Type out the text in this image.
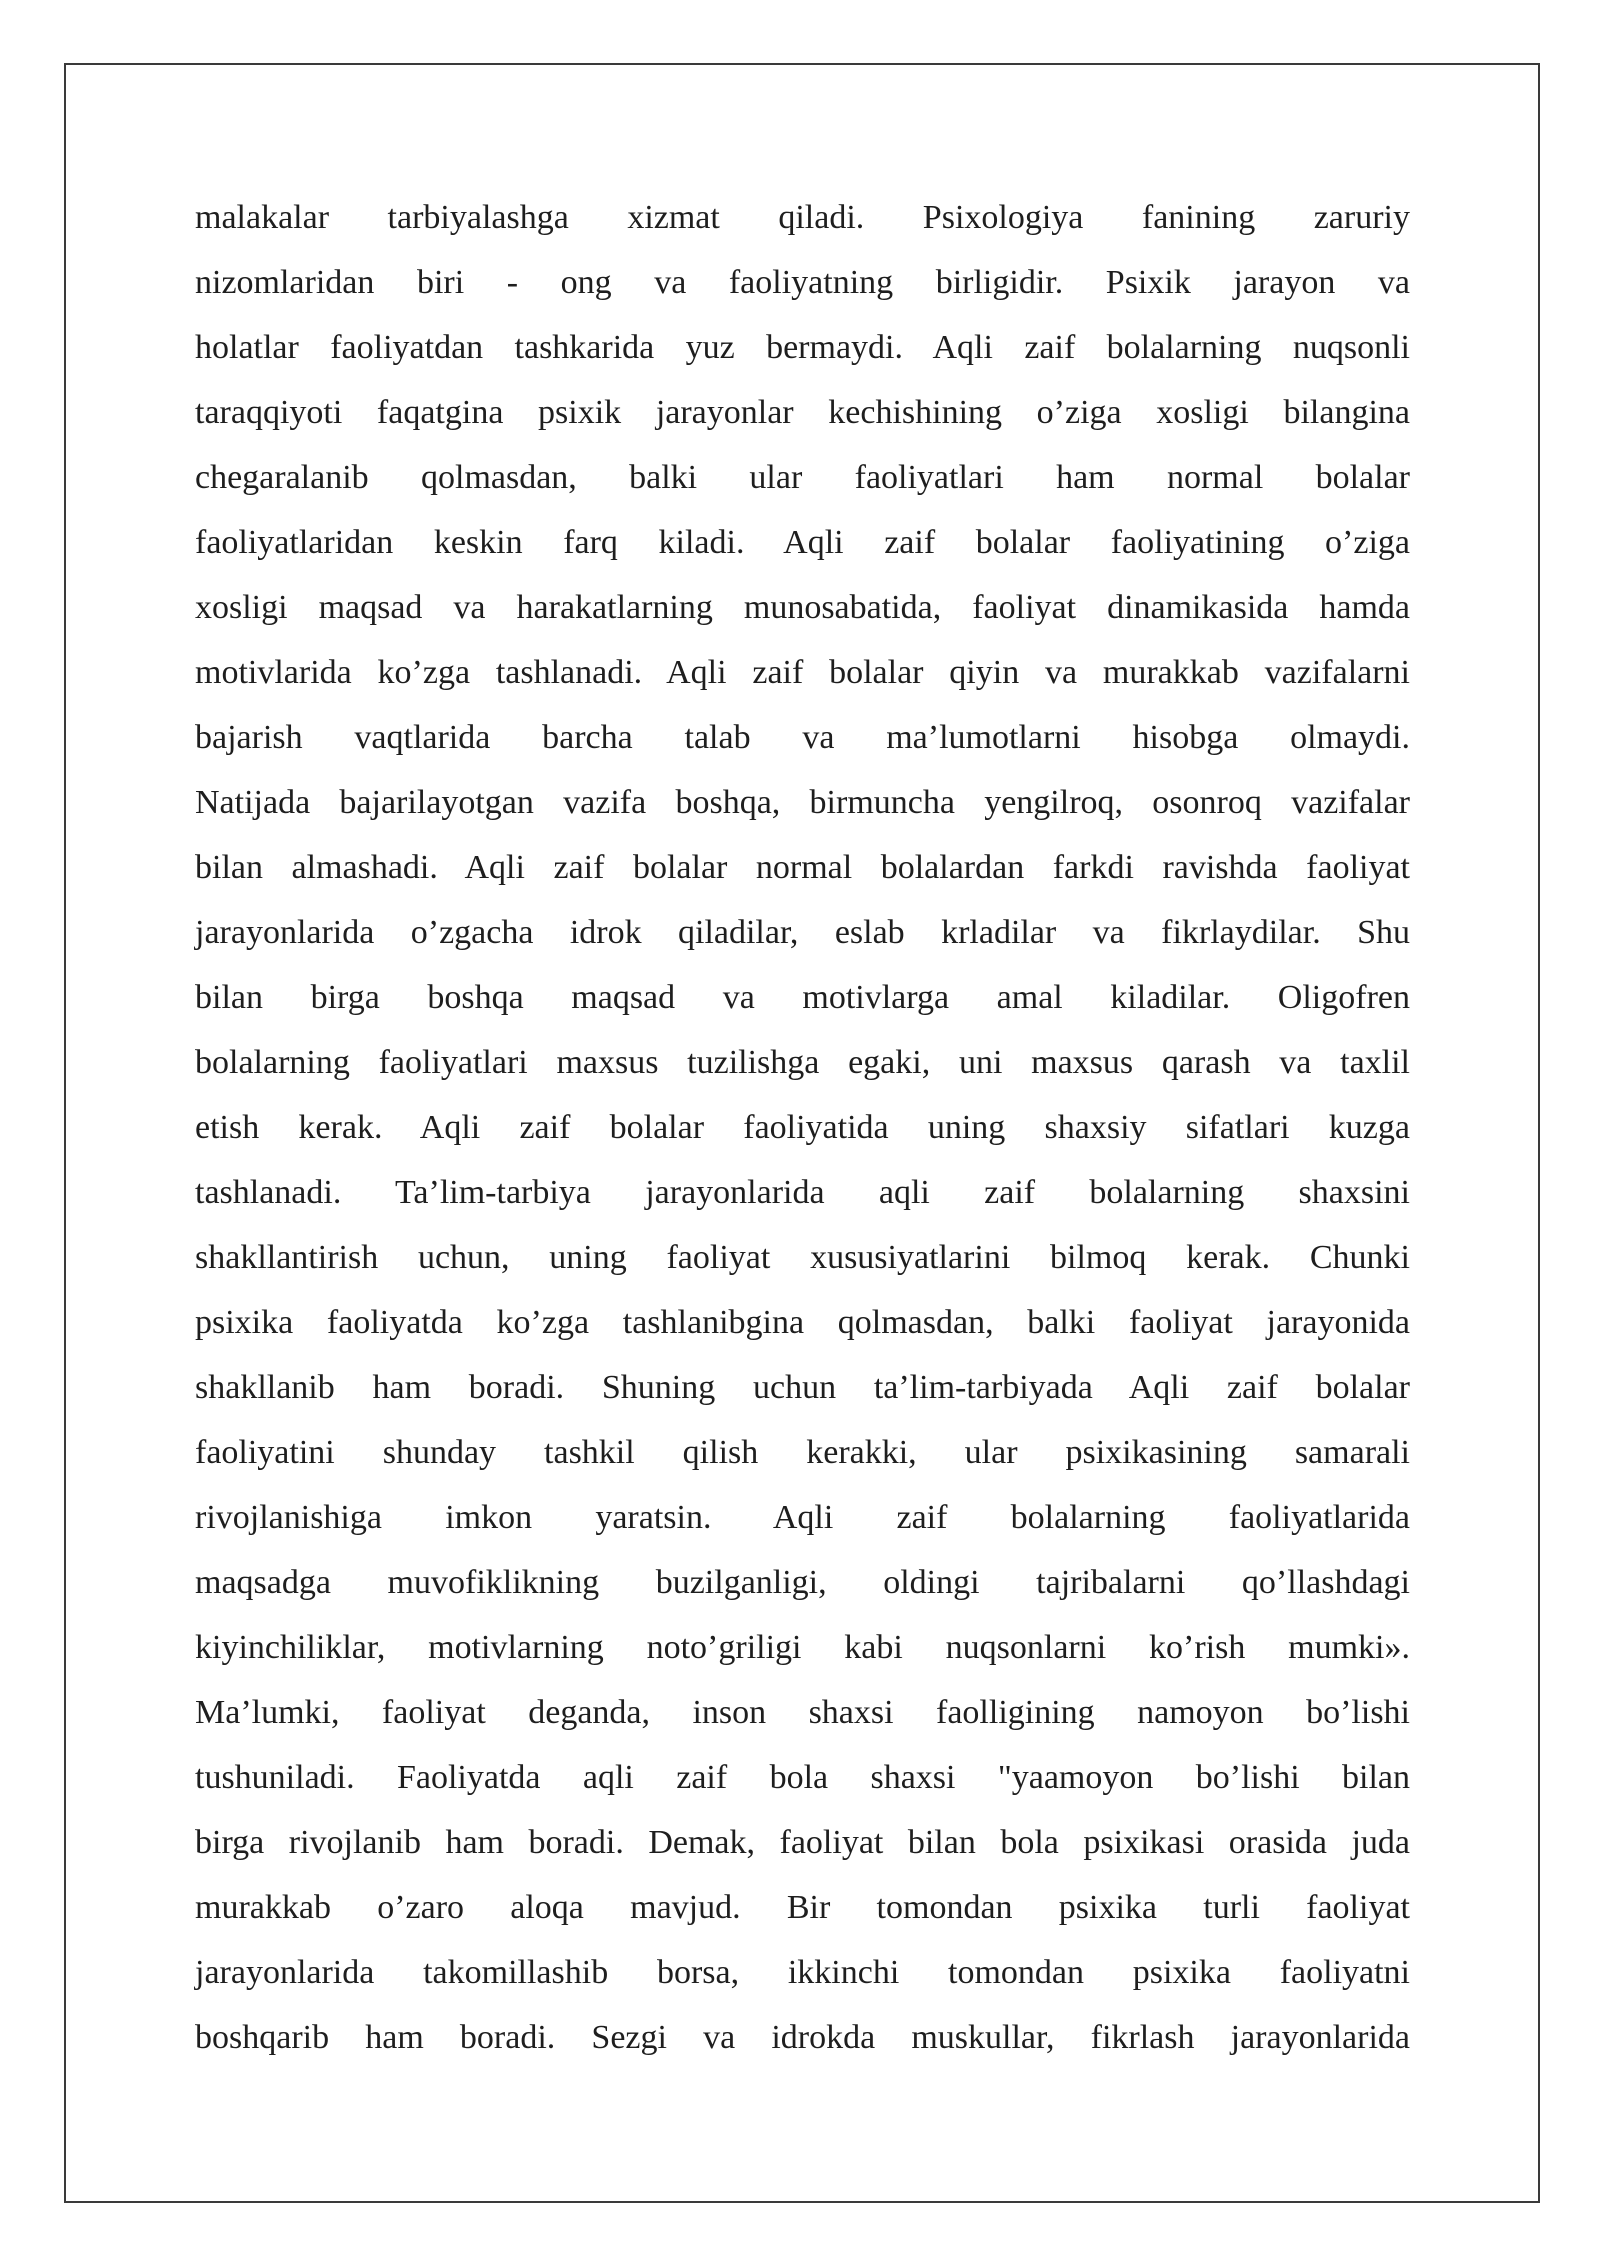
malakalar tarbiyalashga xizmat qiladi. Psixologiya fanining zaruriy
nizomlaridan biri - ong va faoliyatning birligidir. Psixik jarayon va
holatlar faoliyatdan tashkarida yuz bermaydi. Aqli zaif bolalarning nuqsonli
taraqqiyoti faqatgina psixik jarayonlar kechishining o’ziga xosligi bilangina
chegaralanib qolmasdan, balki ular faoliyatlari ham normal bolalar
faoliyatlaridan keskin farq kiladi. Aqli zaif bolalar faoliyatining o’ziga
xosligi maqsad va harakatlarning munosabatida, faoliyat dinamikasida hamda
motivlarida ko’zga tashlanadi. Aqli zaif bolalar qiyin va murakkab vazifalarni
bajarish vaqtlarida barcha talab va ma’lumotlarni hisobga olmaydi.
Natijada bajarilayotgan vazifa boshqa, birmuncha yengilroq, osonroq vazifalar
bilan almashadi. Aqli zaif bolalar normal bolalardan farkdi ravishda faoliyat
jarayonlarida o’zgacha idrok qiladilar, eslab krladilar va fikrlaydilar. Shu
bilan birga boshqa maqsad va motivlarga amal kiladilar. Oligofren
bolalarning faoliyatlari maxsus tuzilishga egaki, uni maxsus qarash va taxlil
etish kerak. Aqli zaif bolalar faoliyatida uning shaxsiy sifatlari kuzga
tashlanadi. Ta’lim-tarbiya jarayonlarida aqli zaif bolalarning shaxsini
shakllantirish uchun, uning faoliyat xususiyatlarini bilmoq kerak. Chunki
psixika faoliyatda ko’zga tashlanibgina qolmasdan, balki faoliyat jarayonida
shakllanib ham boradi. Shuning uchun ta’lim-tarbiyada Aqli zaif bolalar
faoliyatini shunday tashkil qilish kerakki, ular psixikasining samarali
rivojlanishiga imkon yaratsin. Aqli zaif bolalarning faoliyatlarida
maqsadga muvofiklikning buzilganligi, oldingi tajribalarni qo’llashdagi
kiyinchiliklar, motivlarning noto’griligi kabi nuqsonlarni ko’rish mumki».
Ma’lumki, faoliyat deganda, inson shaxsi faolligining namoyon bo’lishi
tushuniladi. Faoliyatda aqli zaif bola shaxsi "yaamoyon bo’lishi bilan
birga rivojlanib ham boradi. Demak, faoliyat bilan bola psixikasi orasida juda
murakkab o’zaro aloqa mavjud. Bir tomondan psixika turli faoliyat
jarayonlarida takomillashib borsa, ikkinchi tomondan psixika faoliyatni
boshqarib ham boradi. Sezgi va idrokda muskullar, fikrlash jarayonlarida
